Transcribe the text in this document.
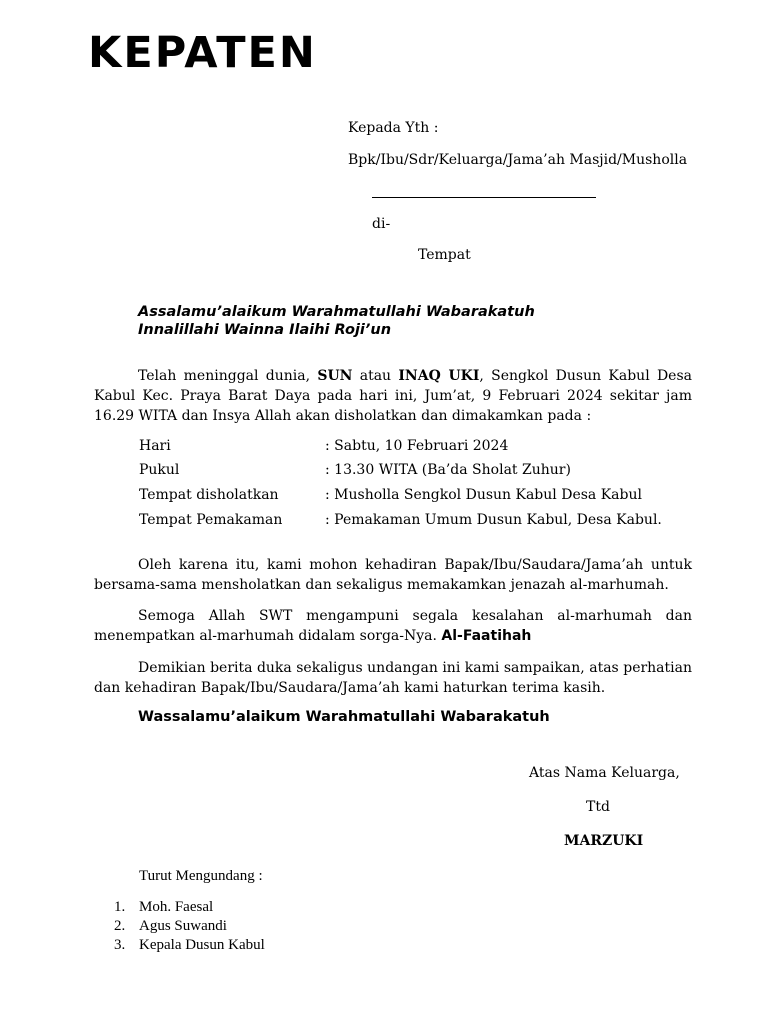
KEPATEN
Kepada Yth :
Bpk/Ibu/Sdr/Keluarga/Jama’ah Masjid/Musholla
di-
Tempat
Assalamu’alaikum Warahmatullahi Wabarakatuh
Innalillahi Wainna Ilaihi Roji’un
Telah meninggal dunia, SUN atau INAQ UKI, Sengkol Dusun Kabul Desa Kabul Kec. Praya Barat Daya pada hari ini, Jum’at, 9 Februari 2024 sekitar jam 16.29 WITA dan Insya Allah akan disholatkan dan dimakamkan pada :
Hari	: Sabtu, 10 Februari 2024
Pukul	: 13.30 WITA (Ba’da Sholat Zuhur)
Tempat disholatkan	: Musholla Sengkol Dusun Kabul Desa Kabul
Tempat Pemakaman	: Pemakaman Umum Dusun Kabul, Desa Kabul.
Oleh karena itu, kami mohon kehadiran Bapak/Ibu/Saudara/Jama’ah untuk bersama-sama mensholatkan dan sekaligus memakamkan jenazah al-marhumah.
Semoga Allah SWT mengampuni segala kesalahan al-marhumah dan menempatkan al-marhumah didalam sorga-Nya. Al-Faatihah
Demikian berita duka sekaligus undangan ini kami sampaikan, atas perhatian dan kehadiran Bapak/Ibu/Saudara/Jama’ah kami haturkan terima kasih.
Wassalamu’alaikum Warahmatullahi Wabarakatuh
Atas Nama Keluarga,
Ttd
MARZUKI
Turut Mengundang :
1. Moh. Faesal
2. Agus Suwandi
3. Kepala Dusun Kabul
